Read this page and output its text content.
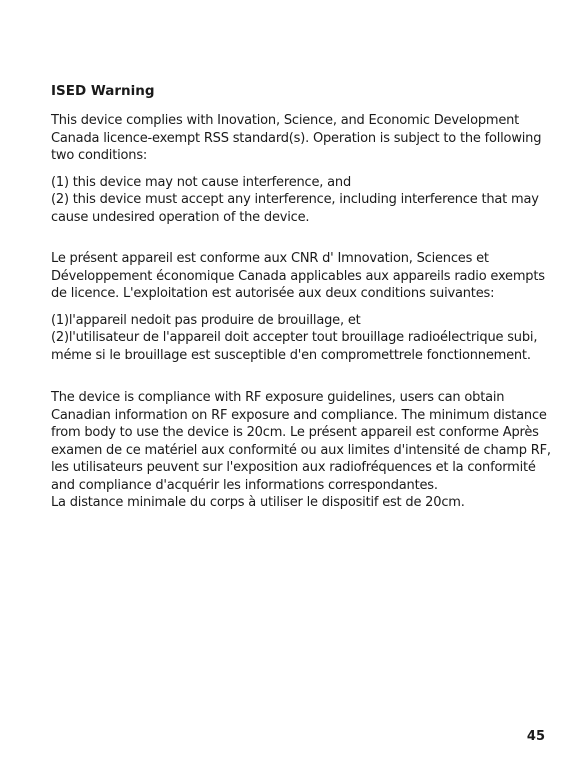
ISED Warning
This device complies with Inovation, Science, and Economic Development
Canada licence-exempt RSS standard(s). Operation is subject to the following
two conditions:
(1) this device may not cause interference, and
(2) this device must accept any interference, including interference that may
cause undesired operation of the device.
Le présent appareil est conforme aux CNR d' Imnovation, Sciences et
Développement économique Canada applicables aux appareils radio exempts
de licence. L'exploitation est autorisée aux deux conditions suivantes:
(1)l'appareil nedoit pas produire de brouillage, et
(2)l'utilisateur de l'appareil doit accepter tout brouillage radioélectrique subi,
méme si le brouillage est susceptible d'en compromettrele fonctionnement.
The device is compliance with RF exposure guidelines, users can obtain
Canadian information on RF exposure and compliance. The minimum distance
from body to use the device is 20cm. Le présent appareil est conforme Après
examen de ce matériel aux conformité ou aux limites d'intensité de champ RF,
les utilisateurs peuvent sur l'exposition aux radiofréquences et la conformité
and compliance d'acquérir les informations correspondantes.
La distance minimale du corps à utiliser le dispositif est de 20cm.
45
